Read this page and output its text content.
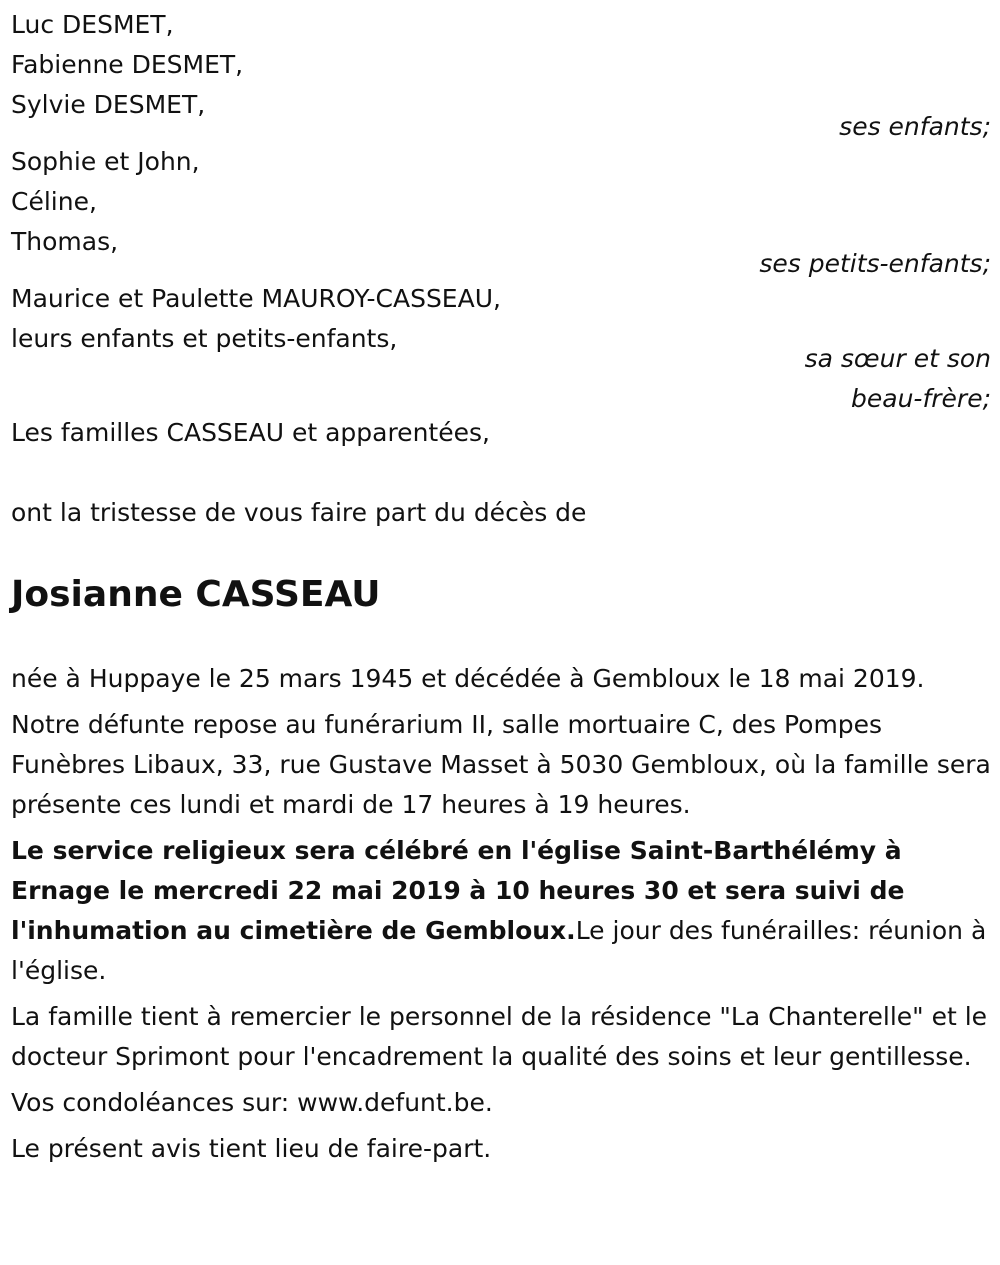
Luc DESMET,
Fabienne DESMET,
Sylvie DESMET,
ses enfants;
Sophie et John,
Céline,
Thomas,
ses petits-enfants;
Maurice et Paulette MAUROY-CASSEAU,
leurs enfants et petits-enfants,
sa sœur et son
beau-frère;
Les familles CASSEAU et apparentées,
ont la tristesse de vous faire part du décès de
Josianne CASSEAU
née à Huppaye le 25 mars 1945 et décédée à Gembloux le 18 mai 2019.
Notre défunte repose au funérarium II, salle mortuaire C, des Pompes Funèbres Libaux, 33, rue Gustave Masset à 5030 Gembloux, où la famille sera présente ces lundi et mardi de 17 heures à 19 heures.
Le service religieux sera célébré en l'église Saint-Barthélémy à Ernage le mercredi 22 mai 2019 à 10 heures 30 et sera suivi de l'inhumation au cimetière de Gembloux.Le jour des funérailles: réunion à l'église.
La famille tient à remercier le personnel de la résidence "La Chanterelle" et le docteur Sprimont pour l'encadrement la qualité des soins et leur gentillesse.
Vos condoléances sur: www.defunt.be.
Le présent avis tient lieu de faire-part.
